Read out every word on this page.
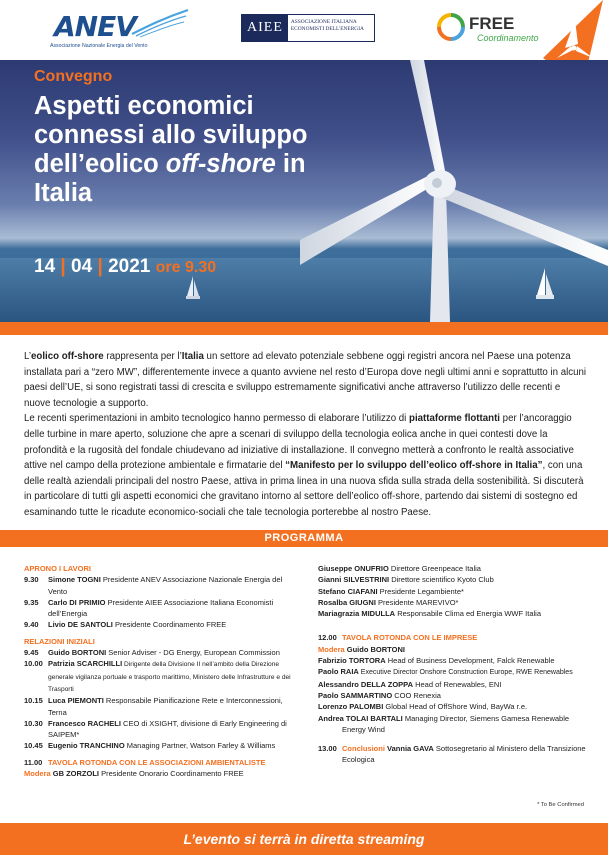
ANEV
Associazione Nazionale Energia del Vento
AIEE	ASSOCIAZIONE ITALIANA ECONOMISTI DELL'ENERGIA	FREE
Coordinamento
Convegno
Aspetti economici connessi allo sviluppo dell’eolico off-shore in Italia
14 | 04 | 2021 ore 9.30
L’eolico off-shore rappresenta per l’Italia un settore ad elevato potenziale sebbene oggi registri ancora nel Paese una potenza installata pari a “zero MW”, differentemente invece a quanto avviene nel resto d’Europa dove negli ultimi anni e soprattutto in alcuni paesi dell’UE, si sono registrati tassi di crescita e sviluppo estremamente significativi anche attraverso l’utilizzo delle recenti e nuove tecnologie a supporto.
Le recenti sperimentazioni in ambito tecnologico hanno permesso di elaborare l’utilizzo di piattaforme flottanti per l’ancoraggio delle turbine in mare aperto, soluzione che apre a scenari di sviluppo della tecnologia eolica anche in quei contesti dove la profondità e la rugosità del fondale chiudevano ad iniziative di installazione. Il convegno metterà a confronto le realtà associative attive nel campo della protezione ambientale e firmatarie del “Manifesto per lo sviluppo dell’eolico off-shore in Italia”, con una delle realtà aziendali principali del nostro Paese, attiva in prima linea in una nuova sfida sulla strada della sostenibilità. Si discuterà in particolare di tutti gli aspetti economici che gravitano intorno al settore dell’eolico off-shore, partendo dai sistemi di sostegno ed esaminando tutte le ricadute economico-sociali che tale tecnologia porterebbe al nostro Paese.
PROGRAMMA
APRONO I LAVORI
9.30	Simone TOGNI Presidente ANEV Associazione Nazionale Energia del Vento
9.35	Carlo DI PRIMIO Presidente AIEE Associazione Italiana Economisti dell’Energia
9.40	Livio DE SANTOLI Presidente Coordinamento FREE
RELAZIONI INIZIALI
9.45	Guido BORTONI Senior Adviser - DG Energy, European Commission
10.00 Patrizia SCARCHILLI Dirigente della Divisione II nell’ambito della Direzione generale vigilanza portuale e trasporto marittimo, Ministero delle Infrastrutture e dei Trasporti
10.15 Luca PIEMONTI Responsabile Pianificazione Rete e Interconnessioni, Terna
10.30 Francesco RACHELI CEO di XSIGHT, divisione di Early Engineering di SAIPEM*
10.45 Eugenio TRANCHINO Managing Partner, Watson Farley & Williams
11.00 TAVOLA ROTONDA CON LE ASSOCIAZIONI AMBIENTALISTE
Modera GB ZORZOLI Presidente Onorario Coordinamento FREE
Giuseppe ONUFRIO Direttore Greenpeace Italia
Gianni SILVESTRINI Direttore scientifico Kyoto Club
Stefano CIAFANI Presidente Legambiente*
Rosalba GIUGNI Presidente MAREVIVO*
Mariagrazia MIDULLA Responsabile Clima ed Energia WWF Italia
12.00 TAVOLA ROTONDA CON LE IMPRESE
Modera Guido BORTONI
Fabrizio TORTORA Head of Business Development, Falck Renewable
Paolo RAIA Executive Director Onshore Construction Europe, RWE Renewables
Alessandro DELLA ZOPPA Head of Renewables, ENI
Paolo SAMMARTINO COO Renexia
Lorenzo PALOMBI Global Head of OffShore Wind, BayWa r.e.
Andrea TOLAI BARTALI Managing Director, Siemens Gamesa Renewable Energy Wind
13.00 Conclusioni Vannia GAVA Sottosegretario al Ministero della Transizione Ecologica
* To Be Confirmed
L’evento si terrà in diretta streaming
